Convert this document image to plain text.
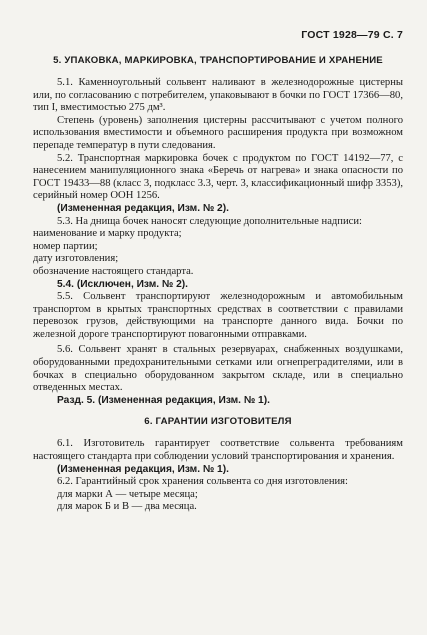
ГОСТ 1928—79 С. 7
5. УПАКОВКА, МАРКИРОВКА, ТРАНСПОРТИРОВАНИЕ И ХРАНЕНИЕ

5.1. Каменноугольный сольвент наливают в железнодорожные цистерны или, по согласованию с потребителем, упаковывают в бочки по ГОСТ 17366—80, тип I, вместимостью 275 дм³.

Степень (уровень) заполнения цистерны рассчитывают с учетом полного использования вместимости и объемного расширения продукта при возможном перепаде температур в пути следования.

5.2. Транспортная маркировка бочек с продуктом по ГОСТ 14192—77, с нанесением манипуляционного знака «Беречь от нагрева» и знака опасности по ГОСТ 19433—88 (класс 3, подкласс 3.3, черт. 3, классификационный шифр 3353), серийный номер ООН 1256.

(Измененная редакция, Изм. № 2).

5.3. На днища бочек наносят следующие дополнительные надписи:

наименование и марку продукта;
номер партии;
дату изготовления;
обозначение настоящего стандарта.

5.4. (Исключен, Изм. № 2).

5.5. Сольвент транспортируют железнодорожным и автомобильным транспортом в крытых транспортных средствах в соответствии с правилами перевозок грузов, действующими на транспорте данного вида. Бочки по железной дороге транспортируют повагонными отправками.

5.6. Сольвент хранят в стальных резервуарах, снабженных воздушками, оборудованными предохранительными сетками или огнепреградителями, или в бочках в специально оборудованном закрытом складе, или в специально отведенных местах.

Разд. 5. (Измененная редакция, Изм. № 1).

6. ГАРАНТИИ ИЗГОТОВИТЕЛЯ

6.1. Изготовитель гарантирует соответствие сольвента требованиям настоящего стандарта при соблюдении условий транспортирования и хранения.

(Измененная редакция, Изм. № 1).

6.2. Гарантийный срок хранения сольвента со дня изготовления:

для марки А — четыре месяца;

для марок Б и В — два месяца.
